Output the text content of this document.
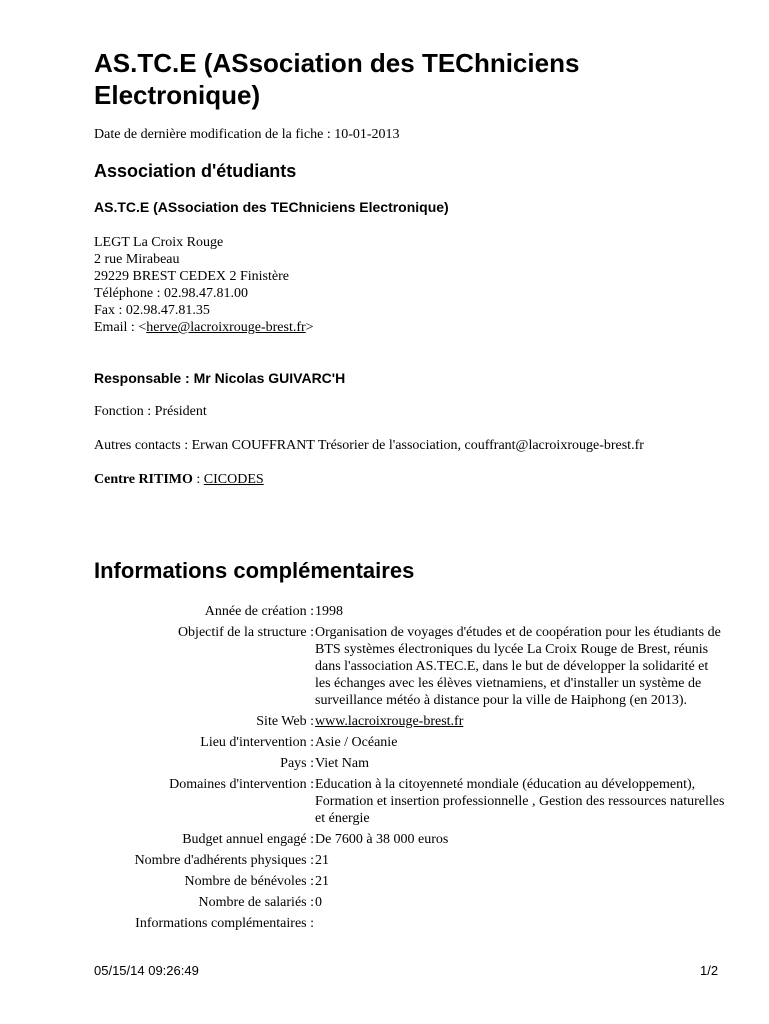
AS.TC.E (ASsociation des TEChniciens Electronique)
Date de dernière modification de la fiche : 10-01-2013
Association d'étudiants
AS.TC.E (ASsociation des TEChniciens Electronique)
LEGT La Croix Rouge
2 rue Mirabeau
29229 BREST CEDEX 2 Finistère
Téléphone : 02.98.47.81.00
Fax : 02.98.47.81.35
Email : <herve@lacroixrouge-brest.fr>
Responsable : Mr Nicolas GUIVARC'H
Fonction : Président
Autres contacts : Erwan COUFFRANT Trésorier de l'association, couffrant@lacroixrouge-brest.fr
Centre RITIMO : CICODES
Informations complémentaires
Année de création : 1998
Objectif de la structure : Organisation de voyages d'études et de coopération pour les étudiants de BTS systèmes électroniques du lycée La Croix Rouge de Brest, réunis dans l'association AS.TEC.E, dans le but de développer la solidarité et les échanges avec les élèves vietnamiens, et d'installer un système de surveillance météo à distance pour la ville de Haiphong (en 2013).
Site Web : www.lacroixrouge-brest.fr
Lieu d'intervention : Asie / Océanie
Pays : Viet Nam
Domaines d'intervention : Education à la citoyenneté mondiale (éducation au développement), Formation et insertion professionnelle , Gestion des ressources naturelles et énergie
Budget annuel engagé : De 7600 à 38 000 euros
Nombre d'adhérents physiques : 21
Nombre de bénévoles : 21
Nombre de salariés : 0
Informations complémentaires :
05/15/14 09:26:49	1/2
